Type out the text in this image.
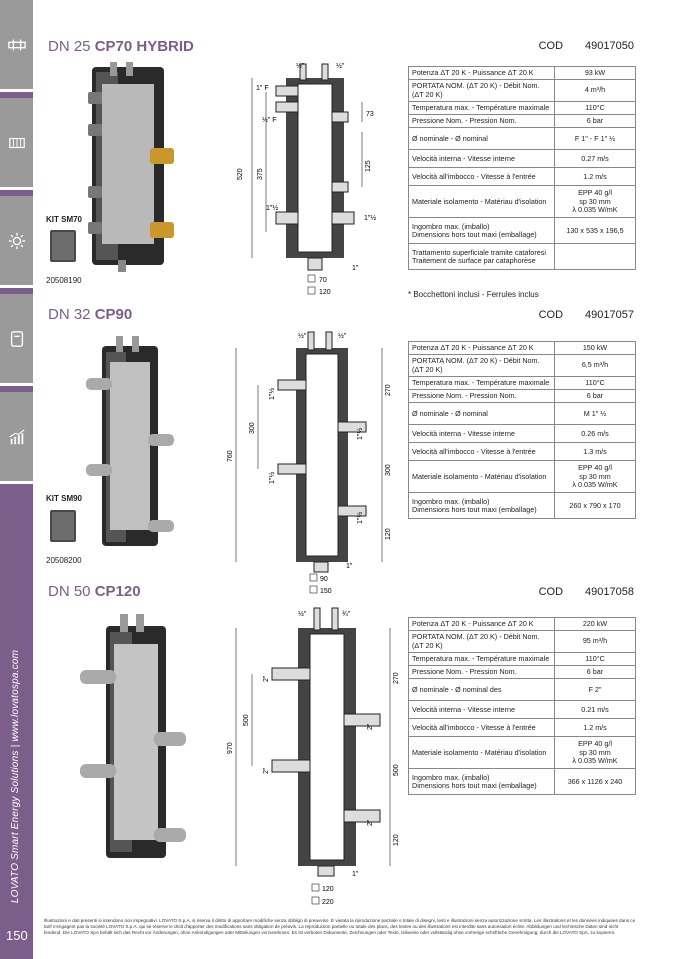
LOVATO Smart Energy Solutions | www.lovatospa.com
150
DN 25 CP70 HYBRID	COD 49017050
KIT SM70
20508190
½"	½"
1" F
½" F
73
520 375
125
1"½
1"½
1"
70
120
Potenza ΔT 20 K - Puissance ΔT 20 K	93 kW
PORTATA NOM. (ΔT 20 K) - Débit Nom. (ΔT 20 K)	4 m³/h
Temperatura max. - Température maximale	110°C
Pressione Nom. - Pression Nom.	6 bar
Ø nominale - Ø nominal	F 1" - F 1" ½
Velocità interna - Vitesse interne	0.27 m/s
Velocità all'imbocco - Vitesse à l'entrée	1.2 m/s
Materiale isolamento - Matériau d'isolation	EPP 40 g/l
sp 30 mm
λ 0.035 W/mK
Ingombro max. (imballo)
Dimensions hors tout maxi (emballage)	130 x 535 x 196,5
Trattamento superficiale tramite cataforesi
Traitement de surface par cataphorèse	
* Bocchettoni inclusi - Ferrules inclus
DN 32 CP90	COD 49017057
KIT SM90
20508200
½"	½"
760
300
270
300
120
1"½
1"½
1"½
1"½
1"
90
150
Potenza ΔT 20 K - Puissance ΔT 20 K	150 kW
PORTATA NOM. (ΔT 20 K) - Débit Nom. (ΔT 20 K)	6,5 m³/h
Temperatura max. - Température maximale	110°C
Pressione Nom. - Pression Nom.	6 bar
Ø nominale - Ø nominal	M 1" ½
Velocità interna - Vitesse interne	0.26 m/s
Velocità all'imbocco - Vitesse à l'entrée	1.3 m/s
Materiale isolamento - Matériau d'isolation	EPP 40 g/l
sp 30 mm
λ 0.035 W/mK
Ingombro max. (imballo)
Dimensions hors tout maxi (emballage)	260 x 790 x 170
DN 50 CP120	COD 49017058
½"	¾"
970
500
270
500
120
2"
2"
2"
2"
1"
120
220
Potenza ΔT 20 K - Puissance ΔT 20 K	220 kW
PORTATA NOM. (ΔT 20 K) - Débit Nom. (ΔT 20 K)	95 m³/h
Temperatura max. - Température maximale	110°C
Pressione Nom. - Pression Nom.	6 bar
Ø nominale - Ø nominal des	F 2"
Velocità interna - Vitesse interne	0.21 m/s
Velocità all'imbocco - Vitesse à l'entrée	1.2 m/s
Materiale isolamento - Matériau d'isolation	EPP 40 g/l
sp 30 mm
λ 0.035 W/mK
Ingombro max. (imballo)
Dimensions hors tout maxi (emballage)	366 x 1126 x 240
Illustrazioni e dati presenti si intendono non impegnativi. LOVATO S.p.A. si riserva il diritto di apportare modifiche senza obbligo di preavviso. È vietata la riproduzione parziale o totale di disegni, testi e illustrazioni senza autorizzazione scritta. Les illustrations et les données indiquées dans ce tarif n'engagent pas la société LOVATO S.p.A. qui se réserve le droit d'apporter des modifications sans obligation de préavis. La reproduction partielle ou totale des plans, des textes ou des illustrations est interdite sans autorisation écrite. Abbildungen und technische Daten sind nicht bindend. Die LOVATO SpA behält sich das Recht vor Änderungen, ohne Ankündigungen oder Mitteilungen vorzunehmen. Es ist verboten Dokumente, Zeichnungen oder Texte, teilweise oder vollständig ohne vorherige schriftliche Genehmigung, durch die LOVATO SpA, zu kopieren.
